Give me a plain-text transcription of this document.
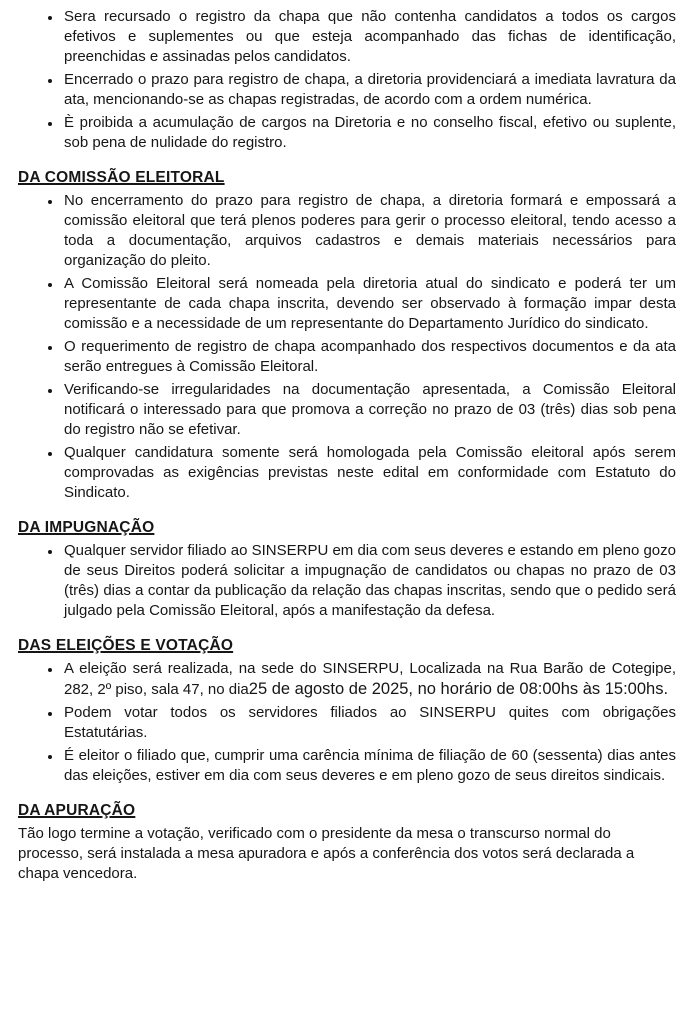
• Sera recursado o registro da chapa que não contenha candidatos a todos os cargos efetivos e suplementes ou que esteja acompanhado das fichas de identificação, preenchidas e assinadas pelos candidatos.
• Encerrado o prazo para registro de chapa, a diretoria providenciará a imediata lavratura da ata, mencionando-se as chapas registradas, de acordo com a ordem numérica.
• È proibida a acumulação de cargos na Diretoria e no conselho fiscal, efetivo ou suplente, sob pena de nulidade do registro.
DA COMISSÃO ELEITORAL
• No encerramento do prazo para registro de chapa, a diretoria formará e empossará a comissão eleitoral que terá plenos poderes para gerir o processo eleitoral, tendo acesso a toda a documentação, arquivos cadastros e demais materiais necessários para organização do pleito.
• A Comissão Eleitoral será nomeada pela diretoria atual do sindicato e poderá ter um representante de cada chapa inscrita, devendo ser observado à formação impar desta comissão e a necessidade de um representante do Departamento Jurídico do sindicato.
• O requerimento de registro de chapa acompanhado dos respectivos documentos e da ata serão entregues à Comissão Eleitoral.
• Verificando-se irregularidades na documentação apresentada, a Comissão Eleitoral notificará o interessado para que promova a correção no prazo de 03 (três) dias sob pena do registro não se efetivar.
• Qualquer candidatura somente será homologada pela Comissão eleitoral após serem comprovadas as exigências previstas neste edital em conformidade com Estatuto do Sindicato.
DA IMPUGNAÇÃO
• Qualquer servidor filiado ao SINSERPU em dia com seus deveres e estando em pleno gozo de seus Direitos poderá solicitar a impugnação de candidatos ou chapas no prazo de 03 (três) dias a contar da publicação da relação das chapas inscritas, sendo que o pedido será julgado pela Comissão Eleitoral, após a manifestação da defesa.
DAS ELEIÇÕES E VOTAÇÃO
• A eleição será realizada, na sede do SINSERPU, Localizada na Rua Barão de Cotegipe, 282, 2º piso, sala 47, no dia25 de agosto de 2025, no horário de 08:00hs às 15:00hs.
• Podem votar todos os servidores filiados ao SINSERPU quites com obrigações Estatutárias.
• É eleitor o filiado que, cumprir uma carência mínima de filiação de 60 (sessenta) dias antes das eleições, estiver em dia com seus deveres e em pleno gozo de seus direitos sindicais.
DA APURAÇÃO

Tão logo termine a votação, verificado com o presidente da mesa o transcurso normal do processo, será instalada a mesa apuradora e após a conferência dos votos será declarada a chapa vencedora.
